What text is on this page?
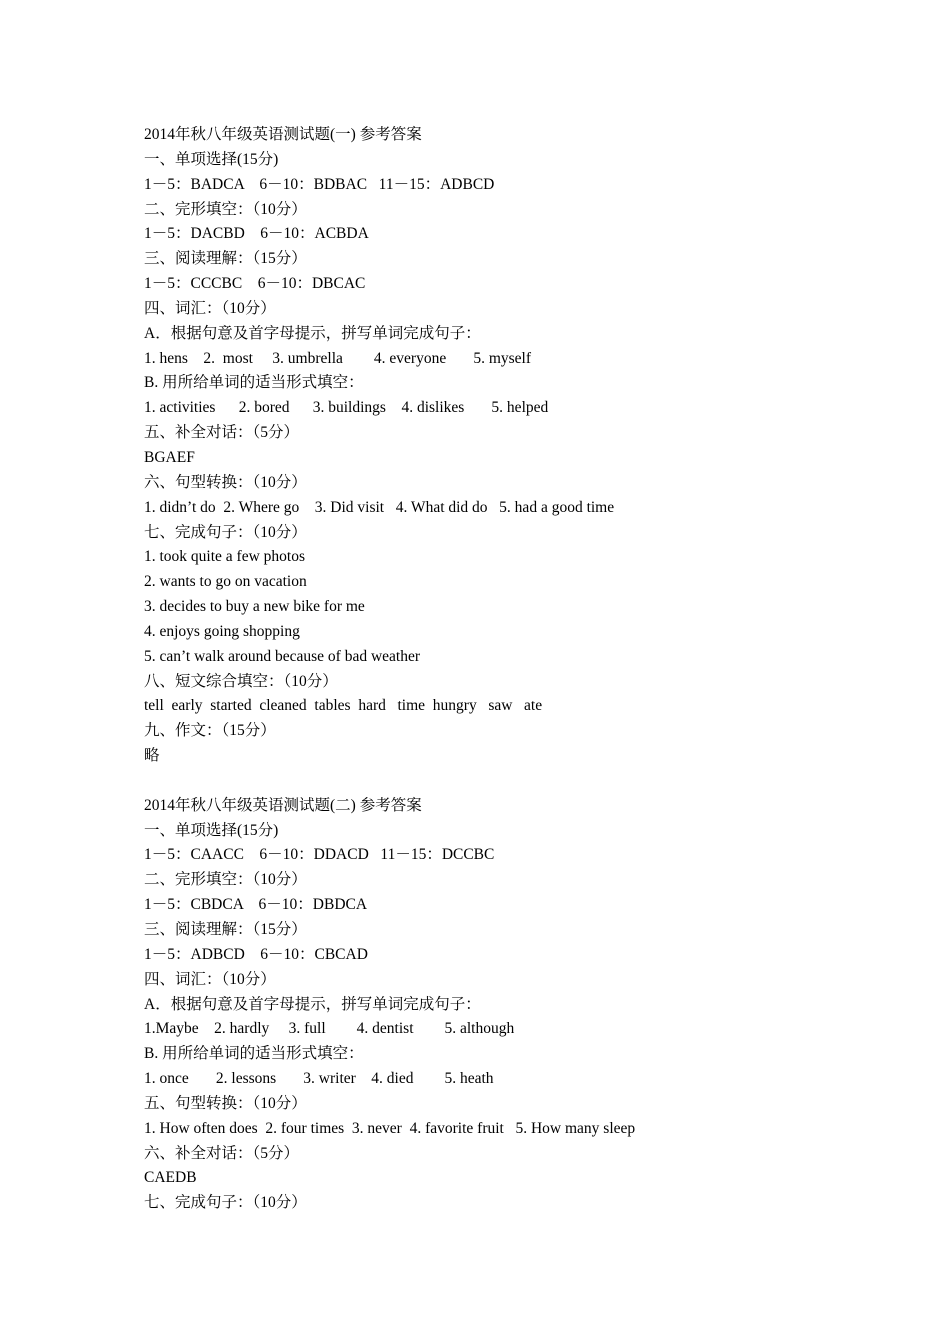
2014年秋八年级英语测试题(一) 参考答案
一、单项选择(15分)
1－5：BADCA    6－10：BDBAC   11－15：ADBCD
二、完形填空：（10分）
1－5：DACBD    6－10：ACBDA
三、阅读理解：（15分）
1－5：CCCBC    6－10：DBCAC
四、词汇：（10分）
A．根据句意及首字母提示，拼写单词完成句子：
1. hens    2.  most     3. umbrella        4. everyone       5. myself
B. 用所给单词的适当形式填空：
1. activities      2. bored      3. buildings    4. dislikes       5. helped
五、补全对话：（5分）
BGAEF
六、句型转换：（10分）
1. didn’t do  2. Where go    3. Did visit   4. What did do   5. had a good time
七、完成句子：（10分）
1. took quite a few photos
2. wants to go on vacation
3. decides to buy a new bike for me
4. enjoys going shopping
5. can’t walk around because of bad weather
八、短文综合填空：（10分）
tell  early  started  cleaned  tables  hard   time  hungry   saw   ate
九、作文：（15分）
略
2014年秋八年级英语测试题(二) 参考答案
一、单项选择(15分)
1－5：CAACC    6－10：DDACD   11－15：DCCBC
二、完形填空：（10分）
1－5：CBDCA    6－10：DBDCA
三、阅读理解：（15分）
1－5：ADBCD    6－10：CBCAD
四、词汇：（10分）
A．根据句意及首字母提示，拼写单词完成句子：
1.Maybe    2. hardly     3. full        4. dentist        5. although
B. 用所给单词的适当形式填空：
1. once       2. lessons       3. writer    4. died        5. heath
五、句型转换：（10分）
1. How often does  2. four times  3. never  4. favorite fruit   5. How many sleep
六、补全对话：（5分）
CAEDB
七、完成句子：（10分）
